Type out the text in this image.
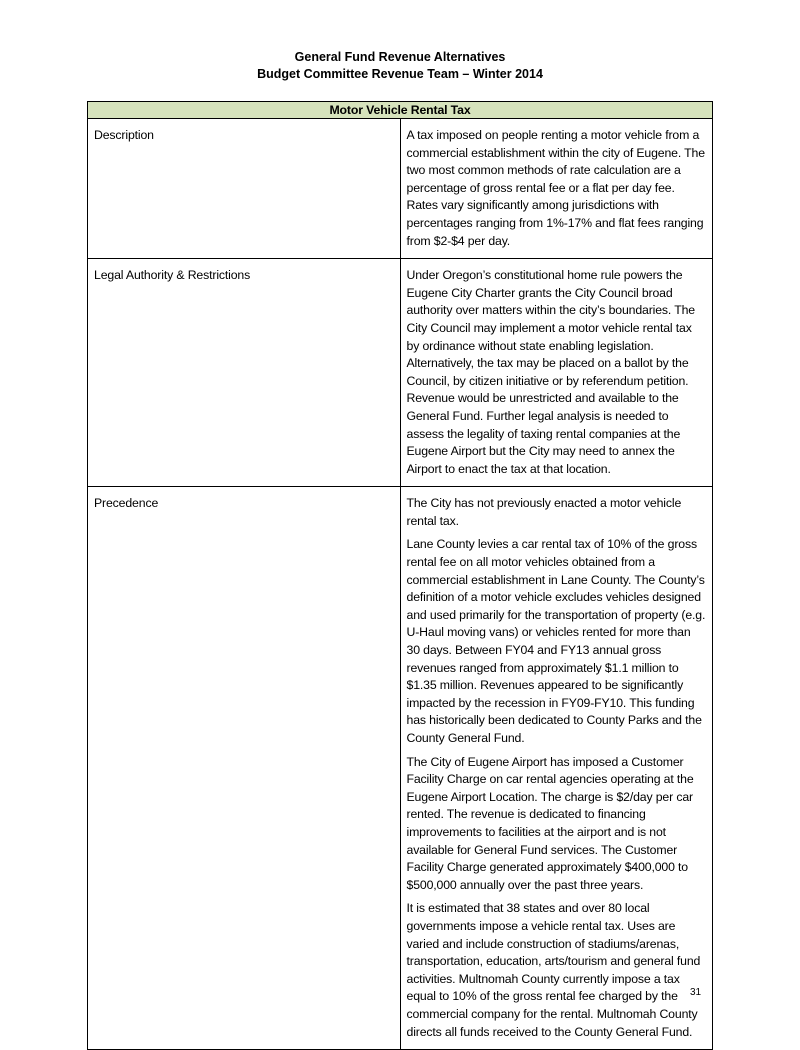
General Fund Revenue Alternatives
Budget Committee Revenue Team – Winter 2014
Motor Vehicle Rental Tax	
Description	A tax imposed on people renting a motor vehicle from a commercial establishment within the city of Eugene. The two most common methods of rate calculation are a percentage of gross rental fee or a flat per day fee. Rates vary significantly among jurisdictions with percentages ranging from 1%-17% and flat fees ranging from $2-$4 per day.

Legal Authority & Restrictions	Under Oregon’s constitutional home rule powers the Eugene City Charter grants the City Council broad authority over matters within the city’s boundaries. The City Council may implement a motor vehicle rental tax by ordinance without state enabling legislation. Alternatively, the tax may be placed on a ballot by the Council, by citizen initiative or by referendum petition. Revenue would be unrestricted and available to the General Fund. Further legal analysis is needed to assess the legality of taxing rental companies at the Eugene Airport but the City may need to annex the Airport to enact the tax at that location.

Precedence	The City has not previously enacted a motor vehicle rental tax.

Lane County levies a car rental tax of 10% of the gross rental fee on all motor vehicles obtained from a commercial establishment in Lane County. The County’s definition of a motor vehicle excludes vehicles designed and used primarily for the transportation of property (e.g. U-Haul moving vans) or vehicles rented for more than 30 days. Between FY04 and FY13 annual gross revenues ranged from approximately $1.1 million to $1.35 million. Revenues appeared to be significantly impacted by the recession in FY09-FY10. This funding has historically been dedicated to County Parks and the County General Fund.

The City of Eugene Airport has imposed a Customer Facility Charge on car rental agencies operating at the Eugene Airport Location. The charge is $2/day per car rented. The revenue is dedicated to financing improvements to facilities at the airport and is not available for General Fund services. The Customer Facility Charge generated approximately $400,000 to $500,000 annually over the past three years.

It is estimated that 38 states and over 80 local governments impose a vehicle rental tax. Uses are varied and include construction of stadiums/arenas, transportation, education, arts/tourism and general fund activities. Multnomah County currently impose a tax equal to 10% of the gross rental fee charged by the commercial company for the rental. Multnomah County directs all funds received to the County General Fund.

31
